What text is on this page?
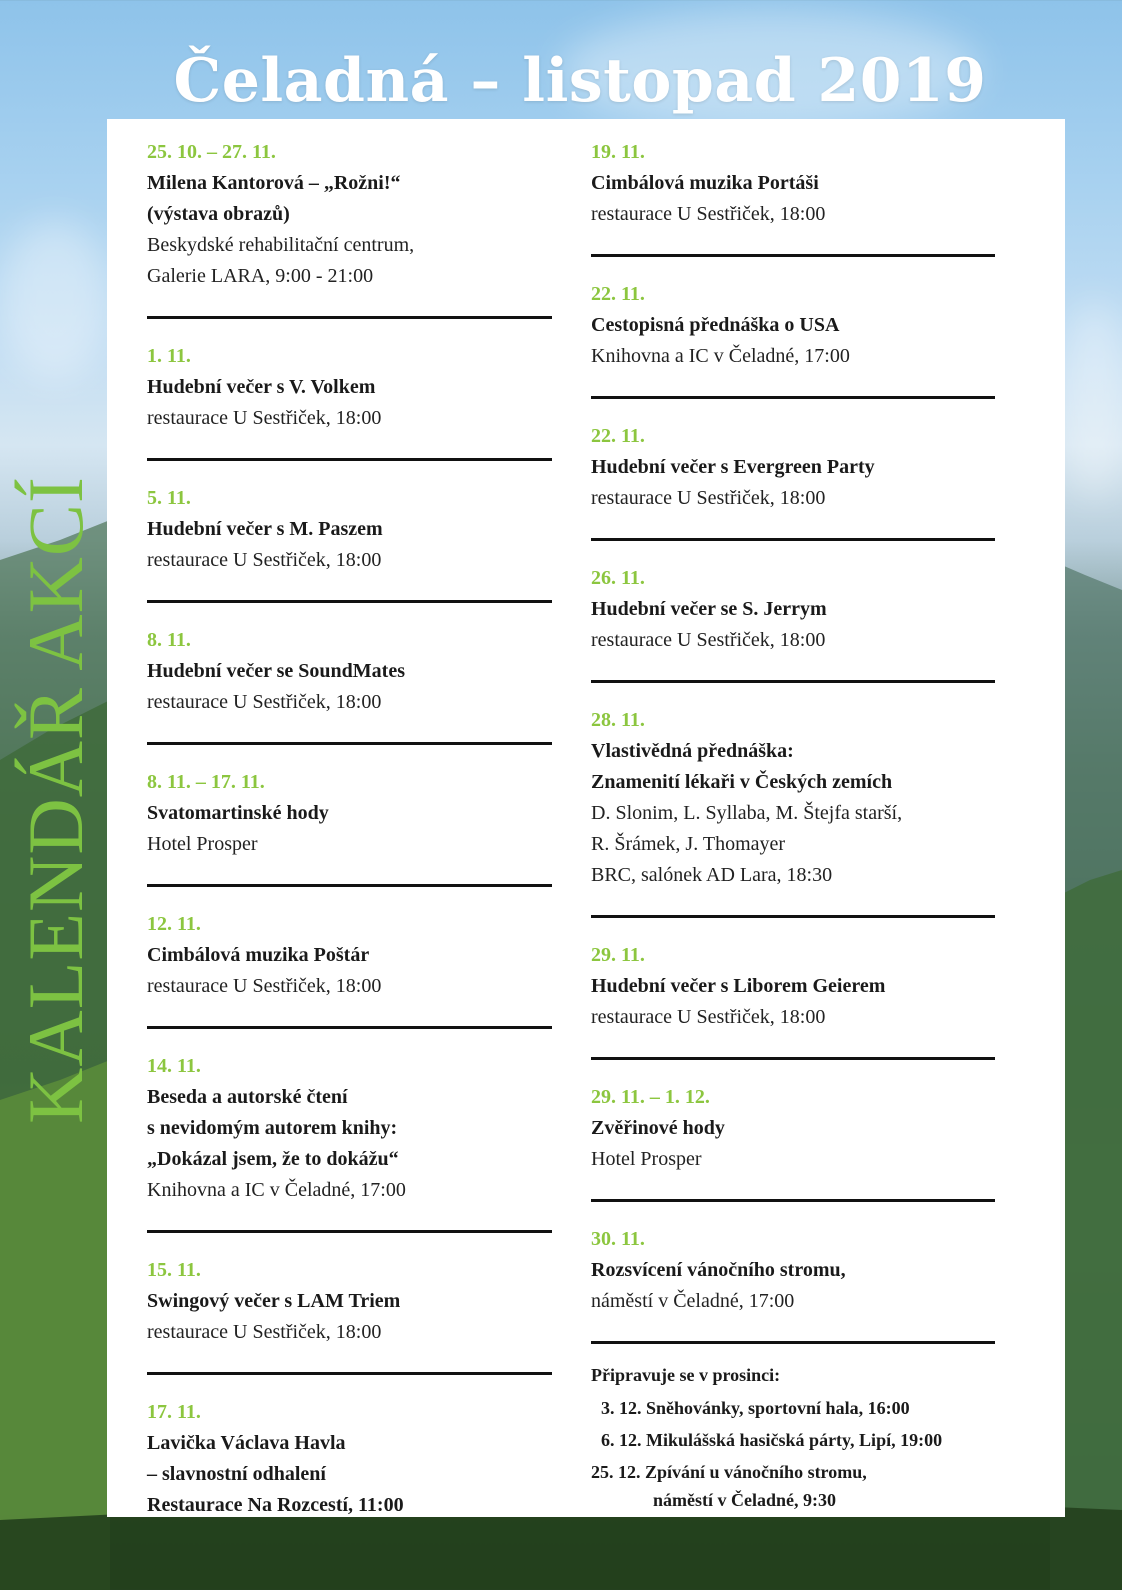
Čeladná – listopad 2019
KALENDÁŘ AKCÍ
25. 10. – 27. 11.
Milena Kantorová – „Rožni!“
(výstava obrazů)
Beskydské rehabilitační centrum,
Galerie LARA, 9:00 - 21:00
1. 11.
Hudební večer s V. Volkem
restaurace U Sestřiček, 18:00
5. 11.
Hudební večer s M. Paszem
restaurace U Sestřiček, 18:00
8. 11.
Hudební večer se SoundMates
restaurace U Sestřiček, 18:00
8. 11. – 17. 11.
Svatomartinské hody
Hotel Prosper
12. 11.
Cimbálová muzika Poštár
restaurace U Sestřiček, 18:00
14. 11.
Beseda a autorské čtení
s nevidomým autorem knihy:
„Dokázal jsem, že to dokážu“
Knihovna a IC v Čeladné, 17:00
15. 11.
Swingový večer s LAM Triem
restaurace U Sestřiček, 18:00
17. 11.
Lavička Václava Havla
– slavnostní odhalení
Restaurace Na Rozcestí, 11:00
19. 11.
Cimbálová muzika Portáši
restaurace U Sestřiček, 18:00
22. 11.
Cestopisná přednáška o USA
Knihovna a IC v Čeladné, 17:00
22. 11.
Hudební večer s Evergreen Party
restaurace U Sestřiček, 18:00
26. 11.
Hudební večer se S. Jerrym
restaurace U Sestřiček, 18:00
28. 11.
Vlastivědná přednáška:
Znamenití lékaři v Českých zemích
D. Slonim, L. Syllaba, M. Štejfa starší,
R. Šrámek, J. Thomayer
BRC, salónek AD Lara, 18:30
29. 11.
Hudební večer s Liborem Geierem
restaurace U Sestřiček, 18:00
29. 11. – 1. 12.
Zvěřinové hody
Hotel Prosper
30. 11.
Rozsvícení vánočního stromu,
náměstí v Čeladné, 17:00
Připravuje se v prosinci:
3. 12. Sněhovánky, sportovní hala, 16:00
6. 12. Mikulášská hasičská párty, Lipí, 19:00
25. 12. Zpívání u vánočního stromu,
náměstí v Čeladné, 9:30
